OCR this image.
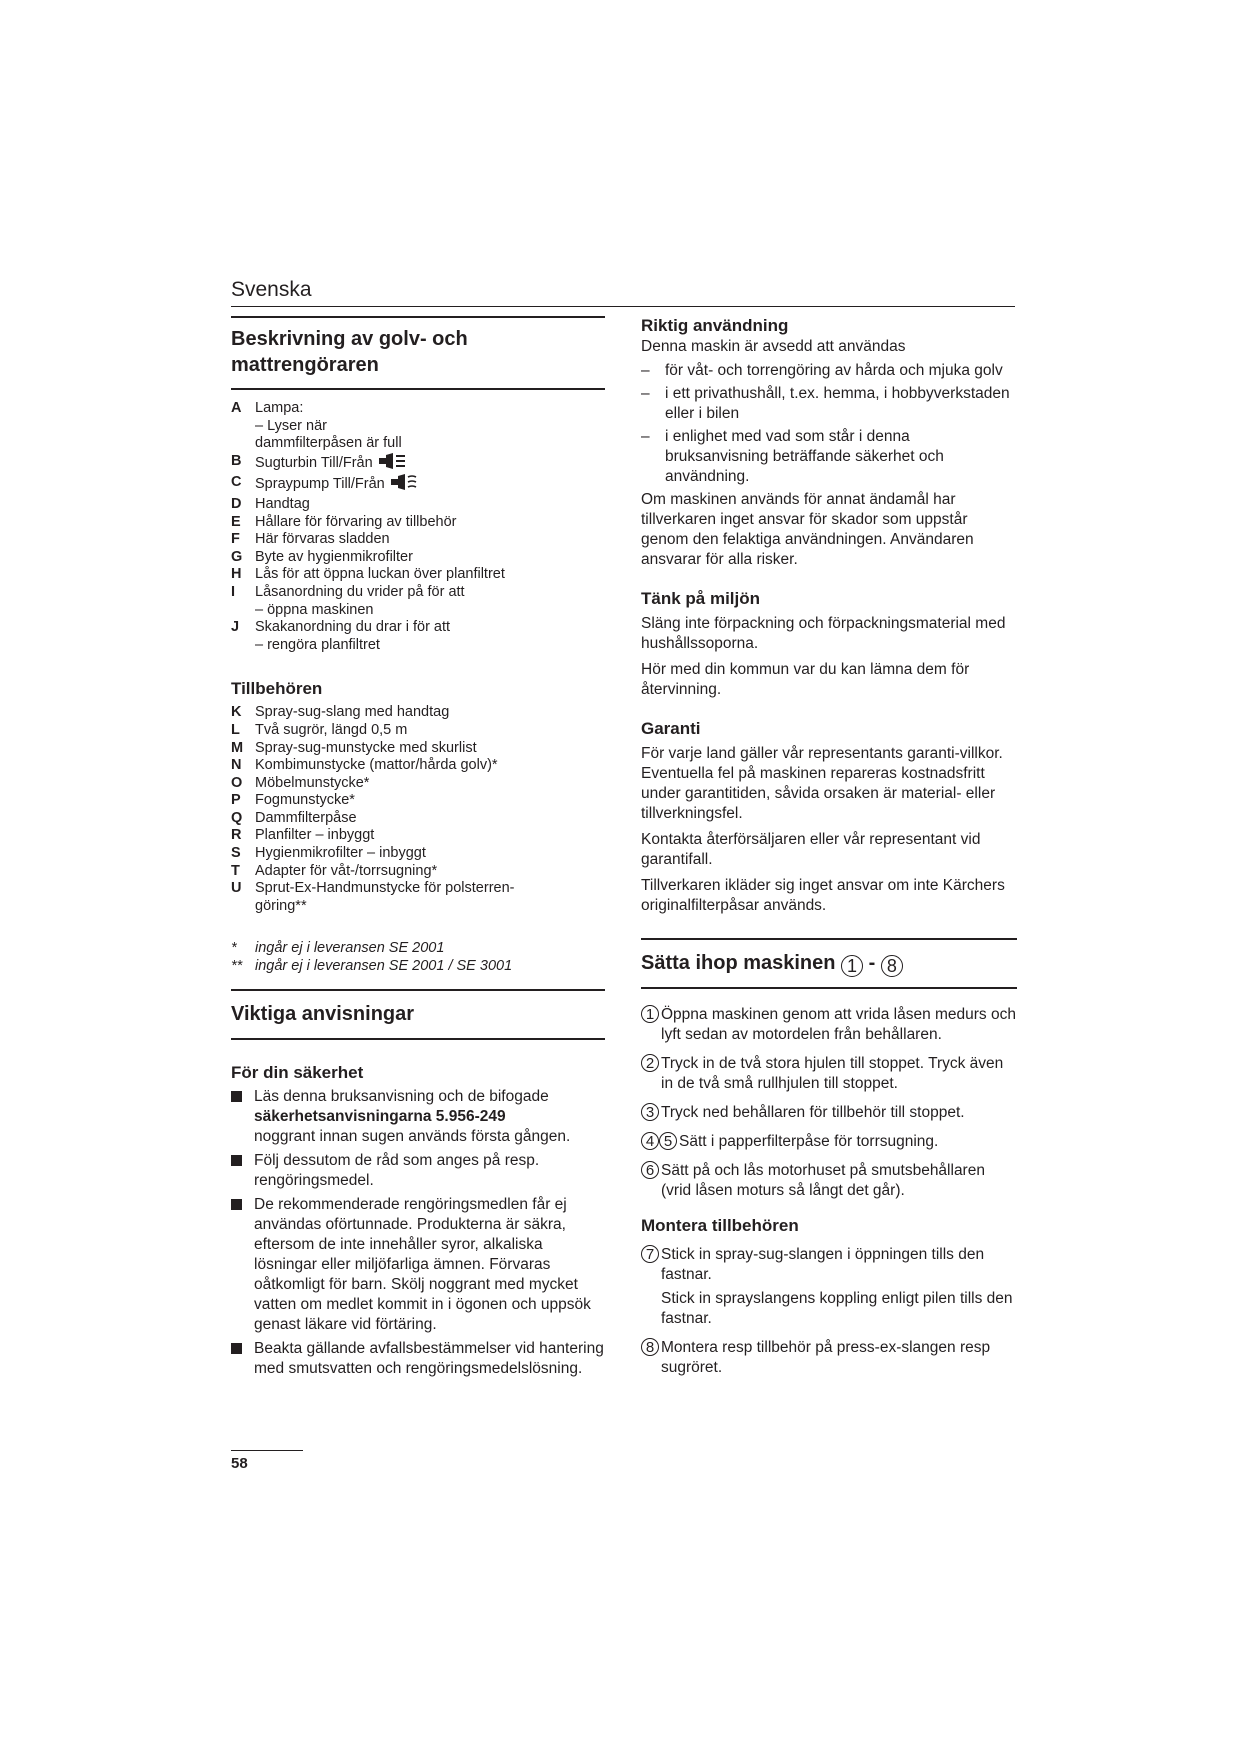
Svenska
Beskrivning av golv- och
mattrengöraren
A Lampa:
– Lyser när
dammfilterpåsen är full
B Sugturbin Till/Från
C Spraypump Till/Från
D Handtag
E Hållare för förvaring av tillbehör
F	Här förvaras sladden
G Byte av hygienmikrofilter
H Lås för att öppna luckan över planfiltret
I	Låsanordning du vrider på för att
– öppna maskinen
J	Skakanordning du drar i för att
– rengöra planfiltret
Tillbehören
K Spray-sug-slang med handtag
L	Två sugrör, längd 0,5 m
M Spray-sug-munstycke med skurlist
N Kombimunstycke (mattor/hårda golv)*
O Möbelmunstycke*
P Fogmunstycke*
Q Dammfilterpåse
R Planfilter – inbyggt
S Hygienmikrofilter – inbyggt
T	Adapter för våt-/torrsugning*
U Sprut-Ex-Handmunstycke för polsterren-
göring**
*	ingår ej i leveransen SE 2001
** ingår ej i leveransen SE 2001 / SE 3001
Viktiga anvisningar
För din säkerhet
Läs denna bruksanvisning och de bifogade
säkerhetsanvisningarna 5.956-249
noggrant innan sugen används första gången.
Följ dessutom de råd som anges på resp. rengöringsmedel.
De rekommenderade rengöringsmedlen får ej användas oförtunnade. Produkterna är säkra, eftersom de inte innehåller syror, alkaliska lösningar eller miljöfarliga ämnen. Förvaras oåtkomligt för barn. Skölj noggrant med mycket vatten om medlet kommit in i ögonen och uppsök genast läkare vid förtäring.
Beakta gällande avfallsbestämmelser vid hantering med smutsvatten och rengöringsmedelslösning.
Riktig användning
Denna maskin är avsedd att användas
– för våt- och torrengöring av hårda och mjuka golv
– i ett privathushåll, t.ex. hemma, i hobbyverkstaden eller i bilen
– i enlighet med vad som står i denna bruksanvisning beträffande säkerhet och användning.
Om maskinen används för annat ändamål har tillverkaren inget ansvar för skador som uppstår genom den felaktiga användningen. Användaren ansvarar för alla risker.
Tänk på miljön
Släng inte förpackning och förpackningsmaterial med hushållssoporna.
Hör med din kommun var du kan lämna dem för återvinning.
Garanti
För varje land gäller vår representants garanti-villkor. Eventuella fel på maskinen repareras kostnadsfritt under garantitiden, såvida orsaken är material- eller tillverkningsfel.
Kontakta återförsäljaren eller vår representant vid garantifall.
Tillverkaren ikläder sig inget ansvar om inte Kärchers originalfilterpåsar används.
Sätta ihop maskinen 1 - 8
1 Öppna maskinen genom att vrida låsen medurs och lyft sedan av motordelen från behållaren.
2 Tryck in de två stora hjulen till stoppet. Tryck även in de två små rullhjulen till stoppet.
3 Tryck ned behållaren för tillbehör till stoppet.
4 5 Sätt i papperfilterpåse för torrsugning.
6 Sätt på och lås motorhuset på smutsbehållaren (vrid låsen moturs så långt det går).
Montera tillbehören
7 Stick in spray-sug-slangen i öppningen tills den fastnar.
Stick in sprayslangens koppling enligt pilen tills den fastnar.
8 Montera resp tillbehör på press-ex-slangen resp sugröret.
58
